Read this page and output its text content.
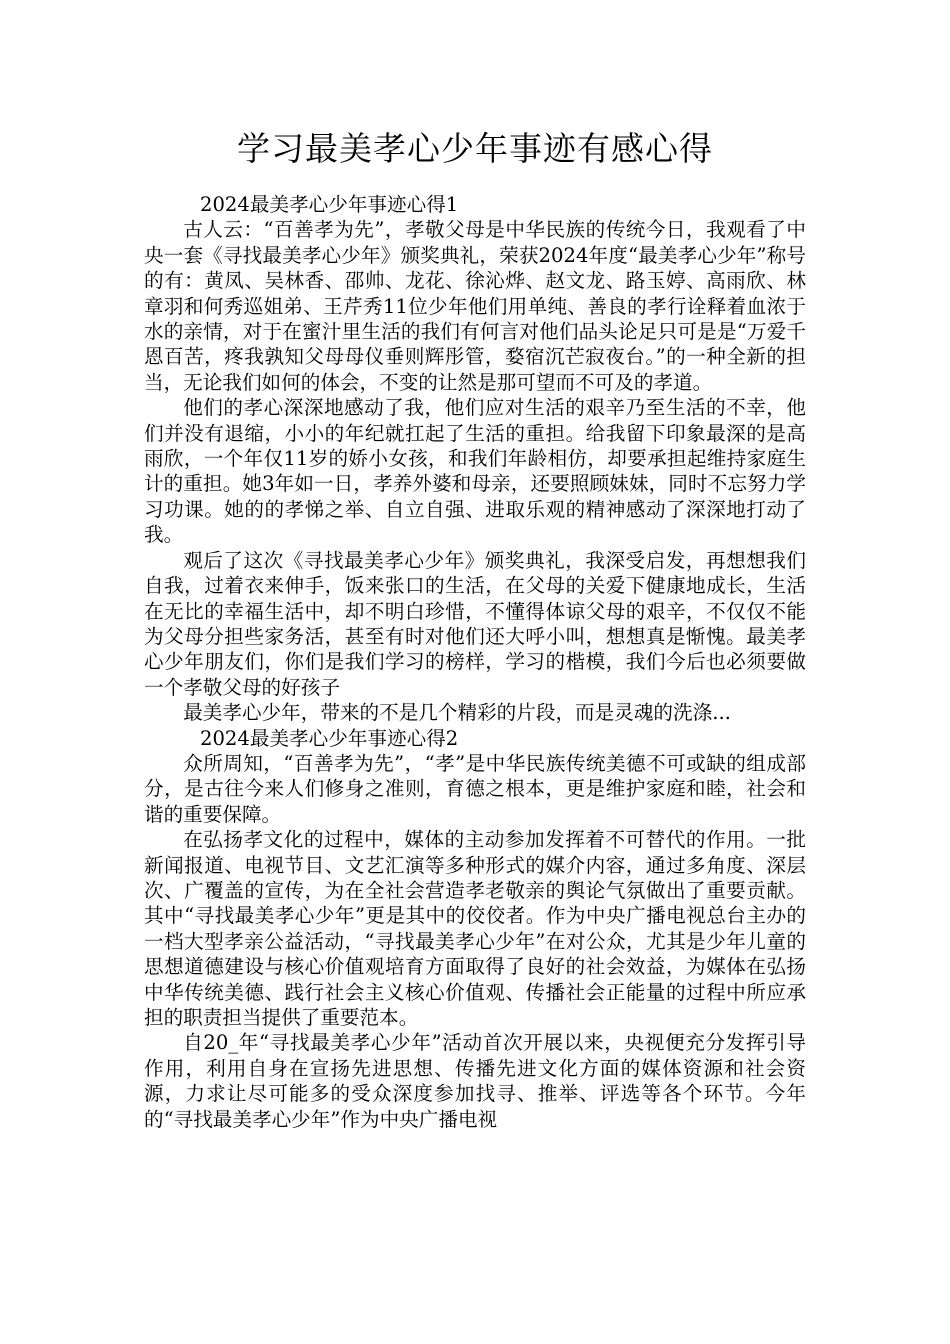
学习最美孝心少年事迹有感心得

2024最美孝心少年事迹心得1

古人云：“百善孝为先”，孝敬父母是中华民族的传统今日，我观看了中央一套《寻找最美孝心少年》颁奖典礼，荣获2024年度“最美孝心少年”称号的有：黄凤、吴林香、邵帅、龙花、徐沁烨、赵文龙、路玉婷、高雨欣、林章羽和何秀巡姐弟、王芹秀11位少年他们用单纯、善良的孝行诠释着血浓于水的亲情，对于在蜜汁里生活的我们有何言对他们品头论足只可是是“万爱千恩百苦，疼我孰知父母母仪垂则辉彤管，婺宿沉芒寂夜台。”的一种全新的担当，无论我们如何的体会，不变的让然是那可望而不可及的孝道。

他们的孝心深深地感动了我，他们应对生活的艰辛乃至生活的不幸，他们并没有退缩，小小的年纪就扛起了生活的重担。给我留下印象最深的是高雨欣，一个年仅11岁的娇小女孩，和我们年龄相仿，却要承担起维持家庭生计的重担。她3年如一日，孝养外婆和母亲，还要照顾妹妹，同时不忘努力学习功课。她的的孝悌之举、自立自强、进取乐观的精神感动了深深地打动了我。

观后了这次《寻找最美孝心少年》颁奖典礼，我深受启发，再想想我们自我，过着衣来伸手，饭来张口的生活，在父母的关爱下健康地成长，生活在无比的幸福生活中，却不明白珍惜，不懂得体谅父母的艰辛，不仅仅不能为父母分担些家务活，甚至有时对他们还大呼小叫，想想真是惭愧。最美孝心少年朋友们，你们是我们学习的榜样，学习的楷模，我们今后也必须要做一个孝敬父母的好孩子

最美孝心少年，带来的不是几个精彩的片段，而是灵魂的洗涤...

2024最美孝心少年事迹心得2

众所周知，“百善孝为先”，“孝”是中华民族传统美德不可或缺的组成部分，是古往今来人们修身之准则，育德之根本，更是维护家庭和睦，社会和谐的重要保障。

在弘扬孝文化的过程中，媒体的主动参加发挥着不可替代的作用。一批新闻报道、电视节目、文艺汇演等多种形式的媒介内容，通过多角度、深层次、广覆盖的宣传，为在全社会营造孝老敬亲的舆论气氛做出了重要贡献。其中“寻找最美孝心少年”更是其中的佼佼者。作为中央广播电视总台主办的一档大型孝亲公益活动，“寻找最美孝心少年”在对公众，尤其是少年儿童的思想道德建设与核心价值观培育方面取得了良好的社会效益，为媒体在弘扬中华传统美德、践行社会主义核心价值观、传播社会正能量的过程中所应承担的职责担当提供了重要范本。

自20_年“寻找最美孝心少年”活动首次开展以来，央视便充分发挥引导作用，利用自身在宣扬先进思想、传播先进文化方面的媒体资源和社会资源，力求让尽可能多的受众深度参加找寻、推举、评选等各个环节。今年的“寻找最美孝心少年”作为中央广播电视
